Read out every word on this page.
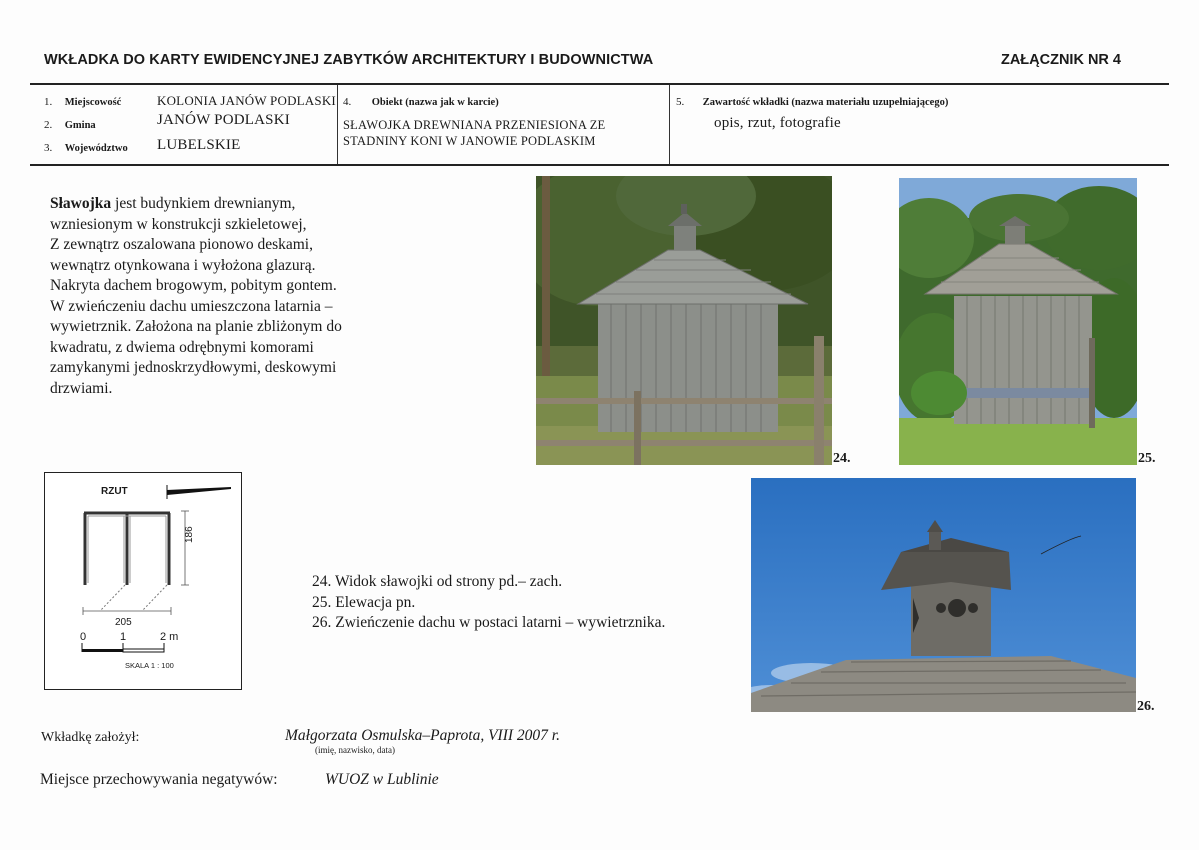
WKŁADKA DO KARTY EWIDENCYJNEJ ZABYTKÓW ARCHITEKTURY I BUDOWNICTWA	ZAŁĄCZNIK NR 4
1. Miejscowość	KOLONIA JANÓW PODLASKI
2. Gmina	JANÓW PODLASKI
3. Województwo LUBELSKIE
4. Obiekt (nazwa jak w karcie)
SŁAWOJKA DREWNIANA PRZENIESIONA ZE
STADNINY KONI W JANOWIE PODLASKIM
5. Zawartość wkładki (nazwa materiału uzupełniającego)
opis, rzut, fotografie
Sławojka jest budynkiem drewnianym,
wzniesionym w konstrukcji szkieletowej,
Z zewnątrz oszalowana pionowo deskami,
wewnątrz otynkowana i wyłożona glazurą.
Nakryta dachem brogowym, pobitym gontem.
W zwieńczeniu dachu umieszczona latarnia –
wywietrznik. Założona na planie zbliżonym do
kwadratu, z dwiema odrębnymi komorami
zamykanymi jednoskrzydłowymi, deskowymi
drzwiami.
24.	25.
26.
RZUT
186
205
0	1	2 m
SKALA 1 : 100
24. Widok sławojki od strony pd.– zach.
25. Elewacja pn.
26. Zwieńczenie dachu w postaci latarni – wywietrznika.
Wkładkę założył:	Małgorzata Osmulska–Paprota, VIII 2007 r.
(imię, nazwisko, data)
Miejsce przechowywania negatywów:	WUOZ w Lublinie
